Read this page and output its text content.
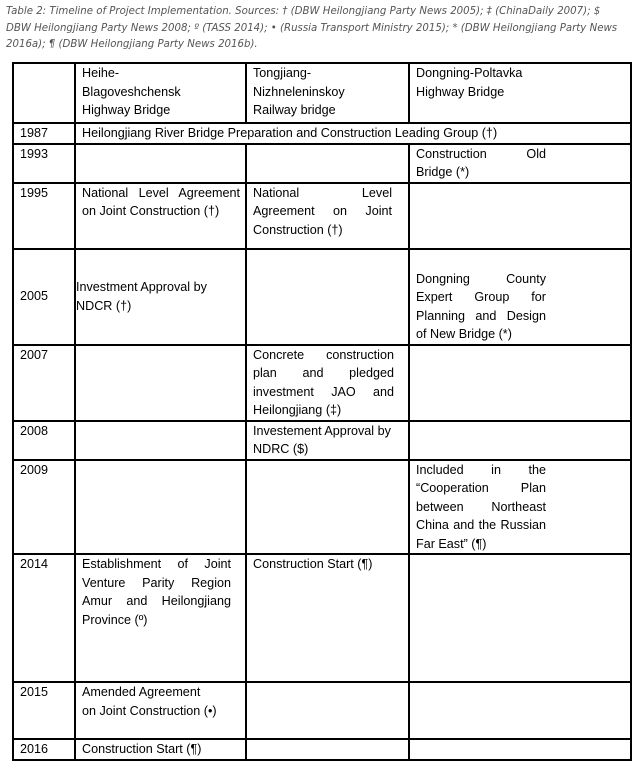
Table 2: Timeline of Project Implementation. Sources: † (DBW Heilongjiang Party News 2005); ‡ (ChinaDaily 2007); $ DBW Heilongjiang Party News 2008; º (TASS 2014); • (Russia Transport Ministry 2015); * (DBW Heilongjiang Party News 2016a); ¶ (DBW Heilongjiang Party News 2016b).
	Heihe-Blagoveshchensk Highway Bridge	Tongjiang-Nizhneleninskoy Railway bridge	Dongning-Poltavka Highway Bridge
1987	Heilongjiang River Bridge Preparation and Construction Leading Group (†)		
1993			Construction Old Bridge (*)
1995	National Level Agreement on Joint Construction (†)	National Level Agreement on Joint Construction (†)	
2005	Investment Approval by NDCR (†)		Dongning County Expert Group for Planning and Design of New Bridge (*)
2007		Concrete construction plan and pledged investment JAO and Heilongjiang (‡)	
2008		Investement Approval by NDRC ($)	
2009			Included in the “Cooperation Plan between Northeast China and the Russian Far East” (¶)
2014	Establishment of Joint Venture Parity Region Amur and Heilongjiang Province (º)	Construction Start (¶)	
2015	Amended Agreement on Joint Construction (•)		
2016	Construction Start (¶)		
